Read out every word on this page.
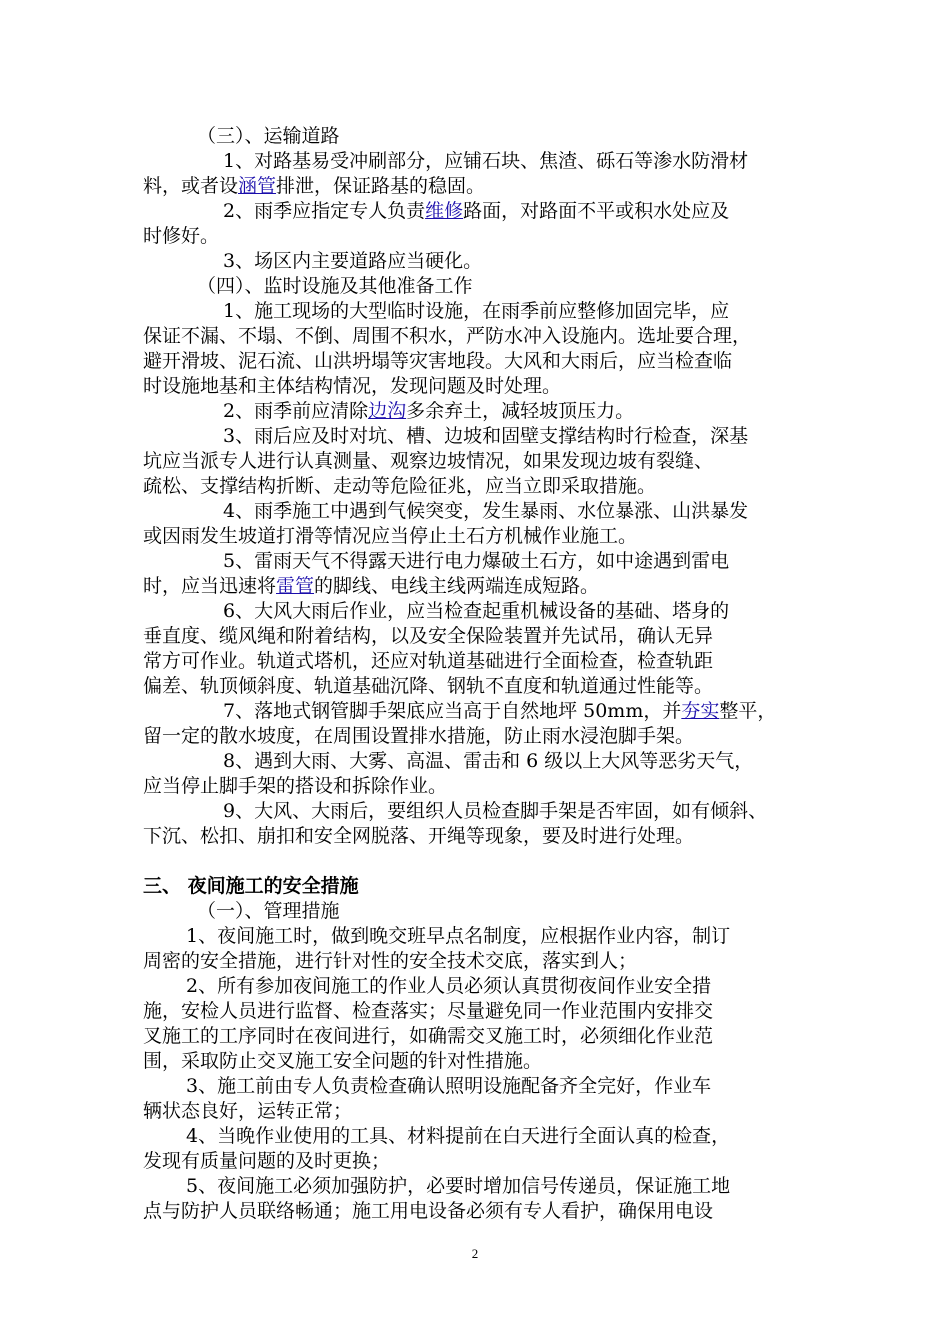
（三）、运输道路
1、对路基易受冲刷部分，应铺石块、焦渣、砾石等渗水防滑材
料，或者设涵管排泄，保证路基的稳固。
2、雨季应指定专人负责维修路面，对路面不平或积水处应及
时修好。
3、场区内主要道路应当硬化。
（四）、监时设施及其他准备工作
1、施工现场的大型临时设施，在雨季前应整修加固完毕，应
保证不漏、不塌、不倒、周围不积水，严防水冲入设施内。选址要合理，
避开滑坡、泥石流、山洪坍塌等灾害地段。大风和大雨后，应当检查临
时设施地基和主体结构情况，发现问题及时处理。
2、雨季前应清除边沟多余弃土，减轻坡顶压力。
3、雨后应及时对坑、槽、边坡和固壁支撑结构时行检查，深基
坑应当派专人进行认真测量、观察边坡情况，如果发现边坡有裂缝、
疏松、支撑结构折断、走动等危险征兆，应当立即采取措施。
4、雨季施工中遇到气候突变，发生暴雨、水位暴涨、山洪暴发
或因雨发生坡道打滑等情况应当停止土石方机械作业施工。
5、雷雨天气不得露天进行电力爆破土石方，如中途遇到雷电
时，应当迅速将雷管的脚线、电线主线两端连成短路。
6、大风大雨后作业，应当检查起重机械设备的基础、塔身的
垂直度、缆风绳和附着结构，以及安全保险装置并先试吊，确认无异
常方可作业。轨道式塔机，还应对轨道基础进行全面检查，检查轨距
偏差、轨顶倾斜度、轨道基础沉降、钢轨不直度和轨道通过性能等。
7、落地式钢管脚手架底应当高于自然地坪 50mm，并夯实整平，
留一定的散水坡度，在周围设置排水措施，防止雨水浸泡脚手架。
8、遇到大雨、大雾、高温、雷击和 6 级以上大风等恶劣天气，
应当停止脚手架的搭设和拆除作业。
9、大风、大雨后，要组织人员检查脚手架是否牢固，如有倾斜、
下沉、松扣、崩扣和安全网脱落、开绳等现象，要及时进行处理。
三、 夜间施工的安全措施
（一）、管理措施
1、夜间施工时，做到晚交班早点名制度，应根据作业内容，制订
周密的安全措施，进行针对性的安全技术交底，落实到人；
2、所有参加夜间施工的作业人员必须认真贯彻夜间作业安全措
施，安检人员进行监督、检查落实；尽量避免同一作业范围内安排交
叉施工的工序同时在夜间进行，如确需交叉施工时，必须细化作业范
围，采取防止交叉施工安全问题的针对性措施。
3、施工前由专人负责检查确认照明设施配备齐全完好，作业车
辆状态良好，运转正常；
4、当晚作业使用的工具、材料提前在白天进行全面认真的检查，
发现有质量问题的及时更换；
5、夜间施工必须加强防护，必要时增加信号传递员，保证施工地
点与防护人员联络畅通；施工用电设备必须有专人看护，确保用电设
2
